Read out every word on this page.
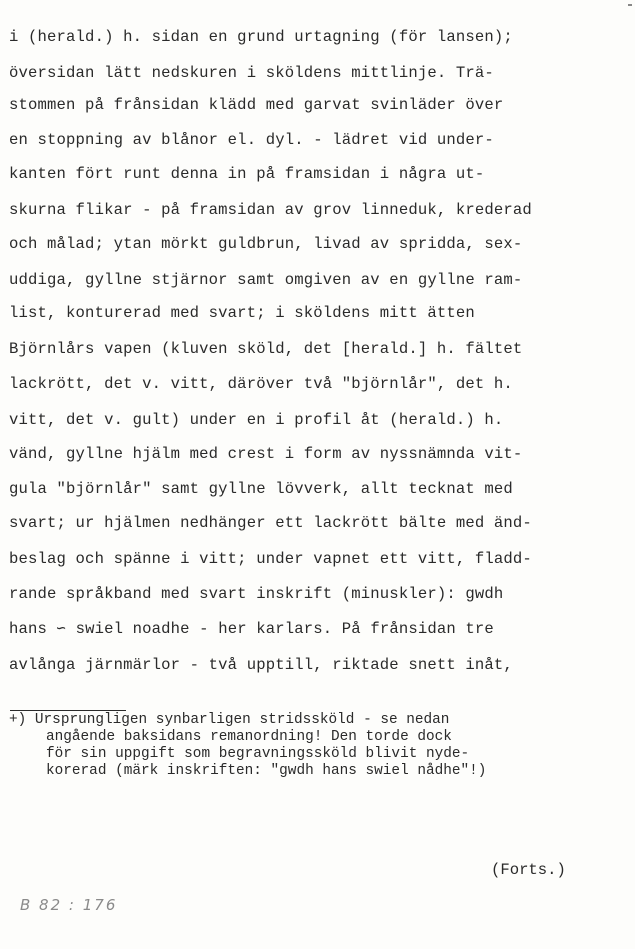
i (herald.) h. sidan en grund urtagning (för lansen);
översidan lätt nedskuren i sköldens mittlinje. Trä-
stommen på frånsidan klädd med garvat svinläder över
en stoppning av blånor el. dyl. - lädret vid under-
kanten fört runt denna in på framsidan i några ut-
skurna flikar - på framsidan av grov linneduk, krederad
och målad; ytan mörkt guldbrun, livad av spridda, sex-
uddiga, gyllne stjärnor samt omgiven av en gyllne ram-
list, konturerad med svart; i sköldens mitt ätten
Björnlårs vapen (kluven sköld, det [herald.] h. fältet
lackrött, det v. vitt, däröver två "björnlår", det h.
vitt, det v. gult) under en i profil åt (herald.) h.
vänd, gyllne hjälm med crest i form av nyssnämnda vit-
gula "björnlår" samt gyllne lövverk, allt tecknat med
svart; ur hjälmen nedhänger ett lackrött bälte med änd-
beslag och spänne i vitt; under vapnet ett vitt, fladd-
rande språkband med svart inskrift (minuskler): gwdh
hans ∽ swiel noadhe - her karlars. På frånsidan tre
avlånga järnmärlor - två upptill, riktade snett inåt,
+) Ursprungligen synbarligen stridssköld - se nedan
angående baksidans remanordning! Den torde dock
för sin uppgift som begravningssköld blivit nyde-
korerad (märk inskriften: "gwdh hans swiel nådhe"!)
(Forts.)
B 82 : 176
